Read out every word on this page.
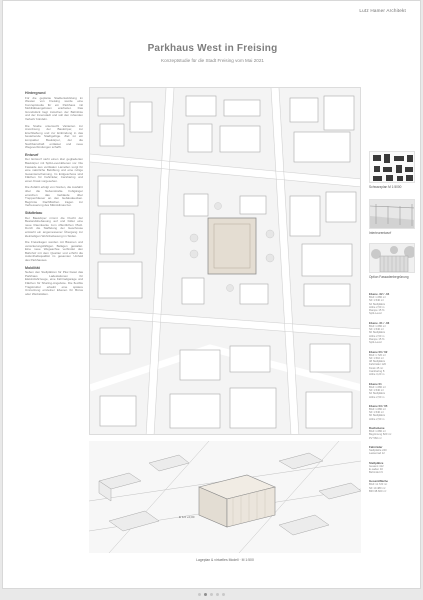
Lutz Hamer Architekt
Parkhaus West in Freising
Konzeptstudie für die Stadt Freising vom Mai 2021
Hintergrund

Für die geplante Stadtentwicklung im Westen von Freising wurde eine Konzeptstudie für ein Parkhaus mit Mobilitätsangeboten erarbeitet. Das Grundstück liegt zwischen der Bahnlinie und der Innenstadt und soll den ruhenden Verkehr bündeln.

Die Studie untersucht Varianten zur Anordnung der Baukörper, zur Erschließung und zur Einbindung in das bestehende Stadtgefüge. Ziel ist ein kompakter Baukörper, der die Nachbarschaft entlastet und neue Wegeverbindungen schafft.

Entwurf

Der Entwurf sieht einen klar gegliederten Baukörper mit Split-Level-Ebenen vor. Die Fassade aus vertikalen Lamellen sorgt für eine natürliche Belüftung und eine ruhige Gesamterscheinung. Im Erdgeschoss sind Flächen für Fahrräder, Carsharing und einen Kiosk vorgesehen.

Die Zufahrt erfolgt von Norden, die Ausfahrt über die Nebenstraße. Fußgänger erreichen das Gebäude über Treppenhäuser an den Gebäudeecken. Begrünte Dachflächen tragen zur Verbesserung des Mikroklimas bei.

Städtebau

Der Baukörper nimmt die Flucht der Bestandsbebauung auf und bildet eine neue Raumkante zum öffentlichen Platz. Durch die Staffelung der Geschosse entsteht ein angemessener Übergang zur kleinteiligen Wohnbebauung im Süden.

Die Freianlagen werden mit Bäumen und versickerungsfähigen Belägen gestaltet. Eine neue Wegeachse verbindet den Bahnhof mit dem Quartier und erhöht die Aufenthaltsqualität im gesamten Umfeld des Parkhauses.

Mobilität

Neben den Stellplätzen für Pkw bietet das Parkhaus Ladestationen für Elektrofahrzeuge, eine Fahrradgarage und Flächen für Sharing-Angebote. Die flexible Tragstruktur erlaubt eine spätere Umnutzung einzelner Ebenen für Büros oder Werkstätten.

E 1/2 +0,00
Lageplan & virtuelles Modell · M 1:500
Schwarzplan M 1:5000
Interieurentwurf
Option Fassadenbegrünung
Ebene -02 / -04
BGF 1.680 m²
NF 1.540 m²
62 Stellplätze
Höhe 2,50 m
Rampe 15 %
Split-Level
Ebene -01 / -03
BGF 1.680 m²
NF 1.540 m²
60 Stellplätze
Höhe 2,50 m
Rampe 15 %
Split-Level
Ebene 00 / 02
BGF 1.720 m²
NF 1.510 m²
48 Stellplätze
Fahrräder 120
Kiosk 45 m²
Carsharing 8
Höhe 3,20 m
Ebene 01
BGF 1.680 m²
NF 1.540 m²
62 Stellplätze
Höhe 2,50 m
Ebene 03 / 05
BGF 1.680 m²
NF 1.540 m²
60 Stellplätze
Höhe 2,50 m
Dachebene
BGF 1.680 m²
Begrünung 820 m²
PV 560 m²
Fahrräder
Stellplätze 240
Lastenrad 12
Stellplätze
Gesamt 412
E-Laden 40
Behindert 9
Gesamtfläche
BGF 11.720 m²
NF 10.480 m²
BRI 38.600 m³
